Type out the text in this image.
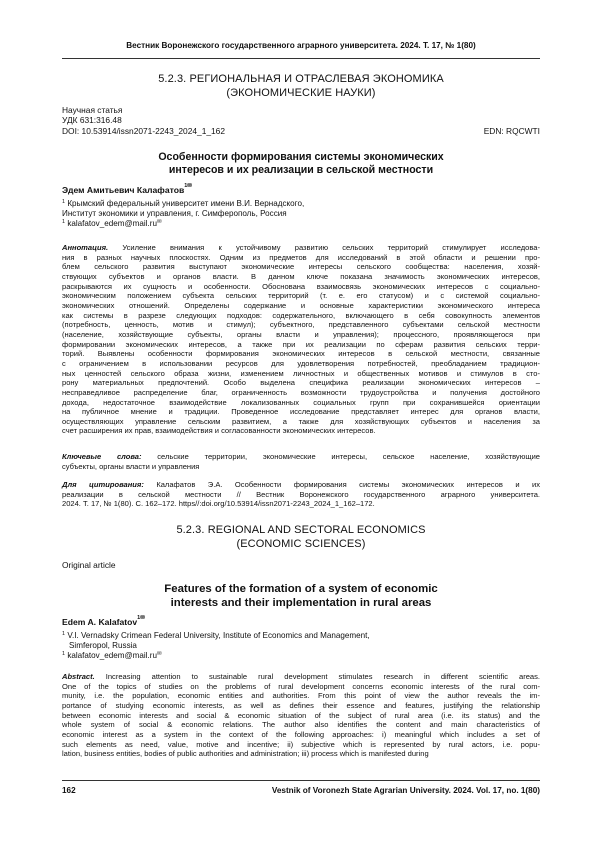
Вестник Воронежского государственного аграрного университета. 2024. Т. 17, № 1(80)
5.2.3. РЕГИОНАЛЬНАЯ И ОТРАСЛЕВАЯ ЭКОНОМИКА
(ЭКОНОМИЧЕСКИЕ НАУКИ)
Научная статья
УДК 631:316.48
DOI: 10.53914/issn2071-2243_2024_1_162	EDN: RQCWTI
Особенности формирования системы экономических
интересов и их реализации в сельской местности
Эдем Амитьевич Калафатов$^{1✉}$
$^1$ Крымский федеральный университет имени В.И. Вернадского,
Институт экономики и управления, г. Симферополь, Россия
$^1$ kalafatov_edem@mail.ru✉
Аннотация. Усиление внимания к устойчивому развитию сельских территорий стимулирует исследова-
ния в разных научных плоскостях. Одним из предметов для исследований в этой области и решении про-
блем сельского развития выступают экономические интересы сельского сообщества: населения, хозяй-
ствующих субъектов и органов власти. В данном ключе показана значимость экономических интересов,
раскрываются их сущность и особенности. Обоснована взаимосвязь экономических интересов с социально-
экономическим положением субъекта сельских территорий (т. е. его статусом) и с системой социально-
экономических отношений. Определены содержание и основные характеристики экономического интереса
как системы в разрезе следующих подходов: содержательного, включающего в себя совокупность элементов
(потребность, ценность, мотив и стимул); субъектного, представленного субъектами сельской местности
(население, хозяйствующие субъекты, органы власти и управления); процессного, проявляющегося при
формировании экономических интересов, а также при их реализации по сферам развития сельских терри-
торий. Выявлены особенности формирования экономических интересов в сельской местности, связанные
с ограничением в использовании ресурсов для удовлетворения потребностей, преобладанием традицион-
ных ценностей сельского образа жизни, изменением личностных и общественных мотивов и стимулов в сто-
рону материальных предпочтений. Особо выделена специфика реализации экономических интересов –
несправедливое распределение благ, ограниченность возможности трудоустройства и получения достойного
дохода, недостаточное взаимодействие локализованных социальных групп при сохранившейся ориентации
на публичное мнение и традиции. Проведенное исследование представляет интерес для органов власти,
осуществляющих управление сельским развитием, а также для хозяйствующих субъектов и населения за
счет расширения их прав, взаимодействия и согласованности экономических интересов.
Ключевые слова: сельские территории, экономические интересы, сельское население, хозяйствующие
субъекты, органы власти и управления
Для цитирования: Калафатов Э.А. Особенности формирования системы экономических интересов и их
реализации в сельской местности // Вестник Воронежского государственного аграрного университета.
2024. Т. 17, № 1(80). С. 162–172. https//:doi.org/10.53914/issn2071-2243_2024_1_162–172.
5.2.3. REGIONAL AND SECTORAL ECONOMICS
(ECONOMIC SCIENCES)
Original article
Features of the formation of a system of economic
interests and their implementation in rural areas
Edem A. Kalafatov$^{1✉}$
$^1$ V.I. Vernadsky Crimean Federal University, Institute of Economics and Management,
Simferopol, Russia
$^1$ kalafatov_edem@mail.ru✉
Abstract. Increasing attention to sustainable rural development stimulates research in different scientific areas.
One of the topics of studies on the problems of rural development concerns economic interests of the rural com-
munity, i.e. the population, economic entities and authorities. From this point of view the author reveals the im-
portance of studying economic interests, as well as defines their essence and features, justifying the relationship
between economic interests and social & economic situation of the subject of rural area (i.e. its status) and the
whole system of social & economic relations. The author also identifies the content and main characteristics of
economic interest as a system in the context of the following approaches: i) meaningful which includes a set of
such elements as need, value, motive and incentive; ii) subjective which is represented by rural actors, i.e. popu-
lation, business entities, bodies of public authorities and administration; iii) process which is manifested during
162	Vestnik of Voronezh State Agrarian University. 2024. Vol. 17, no. 1(80)
